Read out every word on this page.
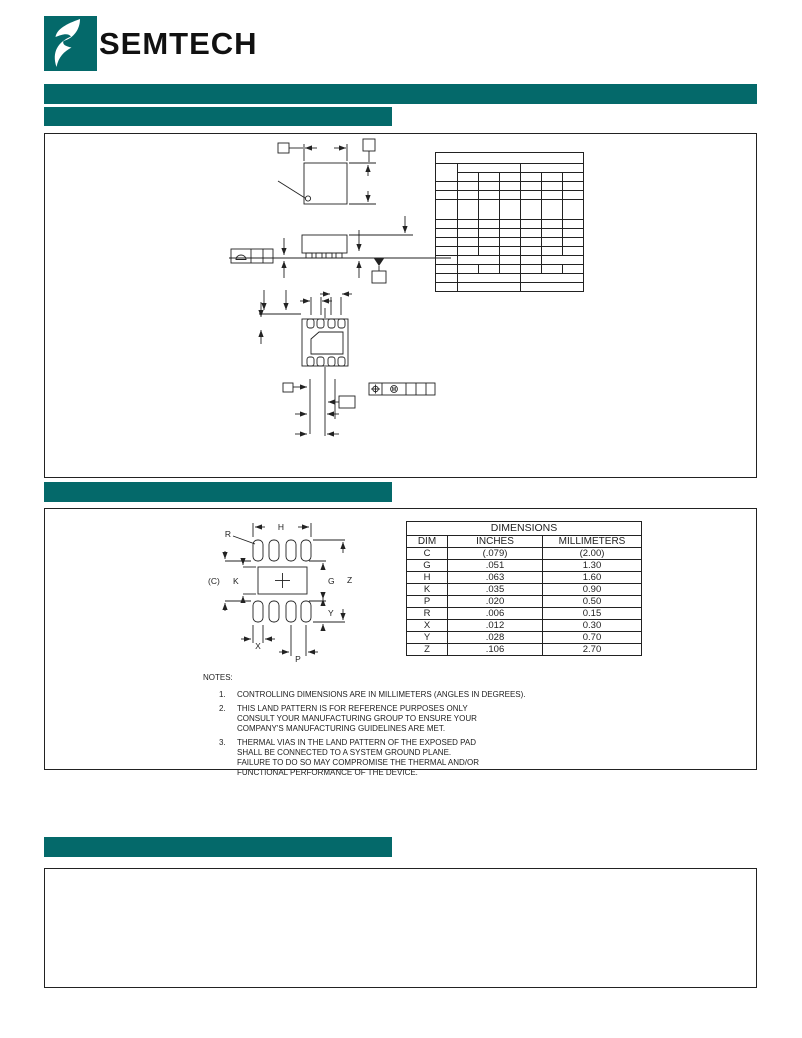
SEMTECH
M

H
R
(C) K	G Z
Y
X
P
DIMENSIONS		
DIM	INCHES	MILLIMETERS
C	(.079)	(2.00)
G	.051	1.30
H	.063	1.60
K	.035	0.90
P	.020	0.50
R	.006	0.15
X	.012	0.30
Y	.028	0.70
Z	.106	2.70
NOTES:
1.	CONTROLLING DIMENSIONS ARE IN MILLIMETERS (ANGLES IN DEGREES).
2.	THIS LAND PATTERN IS FOR REFERENCE PURPOSES ONLY
CONSULT YOUR MANUFACTURING GROUP TO ENSURE YOUR
COMPANY'S MANUFACTURING GUIDELINES ARE MET.
3.	THERMAL VIAS IN THE LAND PATTERN OF THE EXPOSED PAD
SHALL BE CONNECTED TO A SYSTEM GROUND PLANE.
FAILURE TO DO SO MAY COMPROMISE THE THERMAL AND/OR
FUNCTIONAL PERFORMANCE OF THE DEVICE.
